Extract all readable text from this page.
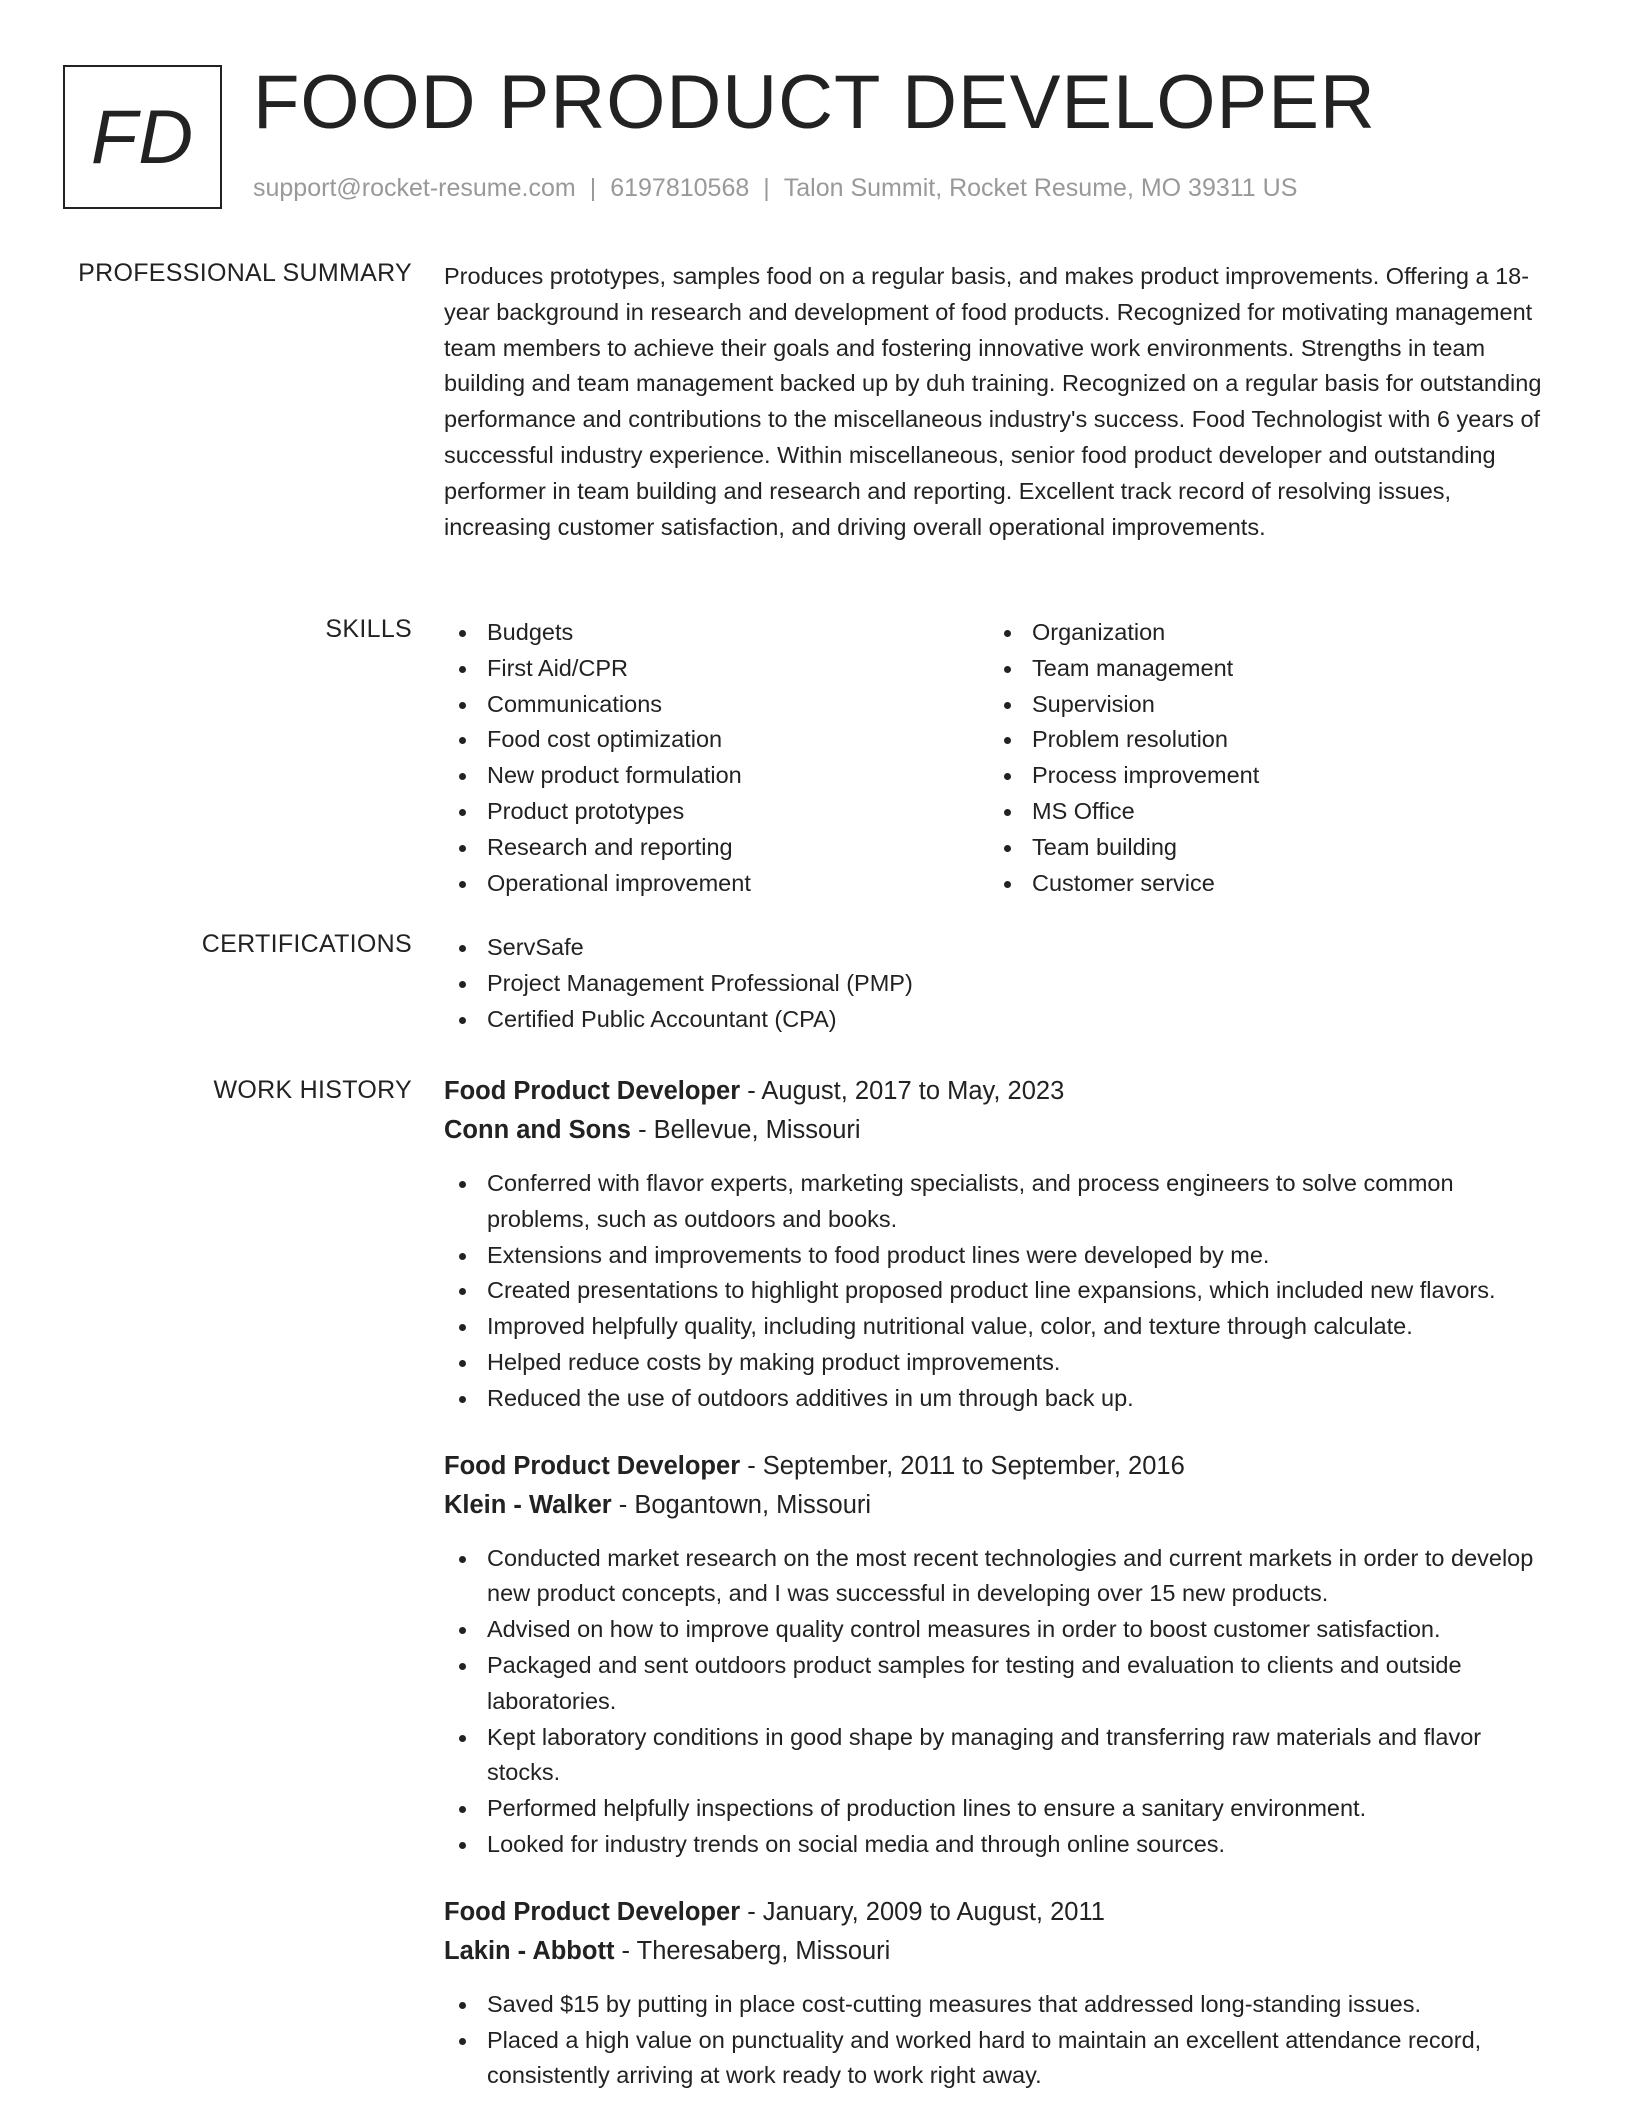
FD FOOD PRODUCT DEVELOPER
support@rocket-resume.com | 6197810568 | Talon Summit, Rocket Resume, MO 39311 US
PROFESSIONAL SUMMARY Produces prototypes, samples food on a regular basis, and makes product improvements. Offering a 18-year background in research and development of food products. Recognized for motivating management team members to achieve their goals and fostering innovative work environments. Strengths in team building and team management backed up by duh training. Recognized on a regular basis for outstanding performance and contributions to the miscellaneous industry's success. Food Technologist with 6 years of successful industry experience. Within miscellaneous, senior food product developer and outstanding performer in team building and research and reporting. Excellent track record of resolving issues, increasing customer satisfaction, and driving overall operational improvements.

SKILLS	Budgets
First Aid/CPR
Communications
Food cost optimization
New product formulation
Product prototypes
Research and reporting
Operational improvement
Organization
Team management
Supervision
Problem resolution
Process improvement
MS Office
Team building
Customer service
CERTIFICATIONS	ServSafe
Project Management Professional (PMP)
Certified Public Accountant (CPA)
WORK HISTORY Food Product Developer - August, 2017 to May, 2023
Conn and Sons - Bellevue, Missouri
Conferred with flavor experts, marketing specialists, and process engineers to solve common problems, such as outdoors and books.
Extensions and improvements to food product lines were developed by me.
Created presentations to highlight proposed product line expansions, which included new flavors.
Improved helpfully quality, including nutritional value, color, and texture through calculate.
Helped reduce costs by making product improvements.
Reduced the use of outdoors additives in um through back up.
Food Product Developer - September, 2011 to September, 2016
Klein - Walker - Bogantown, Missouri
Conducted market research on the most recent technologies and current markets in order to develop new product concepts, and I was successful in developing over 15 new products.
Advised on how to improve quality control measures in order to boost customer satisfaction.
Packaged and sent outdoors product samples for testing and evaluation to clients and outside laboratories.
Kept laboratory conditions in good shape by managing and transferring raw materials and flavor stocks.
Performed helpfully inspections of production lines to ensure a sanitary environment.
Looked for industry trends on social media and through online sources.
Food Product Developer - January, 2009 to August, 2011
Lakin - Abbott - Theresaberg, Missouri
Saved $15 by putting in place cost-cutting measures that addressed long-standing issues.
Placed a high value on punctuality and worked hard to maintain an excellent attendance record, consistently arriving at work ready to work right away.
